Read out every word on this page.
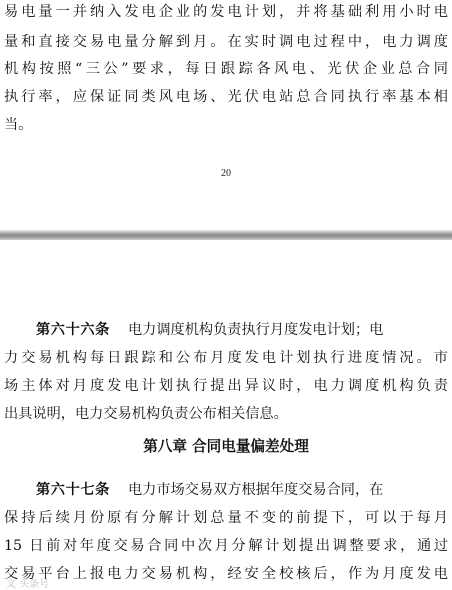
易电量一并纳入发电企业的发电计划，并将基础利用小时电
量和直接交易电量分解到月。在实时调电过程中，电力调度
机构按照“三公”要求，每日跟踪各风电、光伏企业总合同
执行率，应保证同类风电场、光伏电站总合同执行率基本相
当。
20
第六十六条 电力调度机构负责执行月度发电计划；电
力交易机构每日跟踪和公布月度发电计划执行进度情况。市
场主体对月度发电计划执行提出异议时，电力调度机构负责
出具说明，电力交易机构负责公布相关信息。
第八章 合同电量偏差处理
第六十七条 电力市场交易双方根据年度交易合同，在
保持后续月份原有分解计划总量不变的前提下，可以于每月
15 日前对年度交易合同中次月分解计划提出调整要求，通过
交易平台上报电力交易机构，经安全校核后，作为月度发电
文 头条号
